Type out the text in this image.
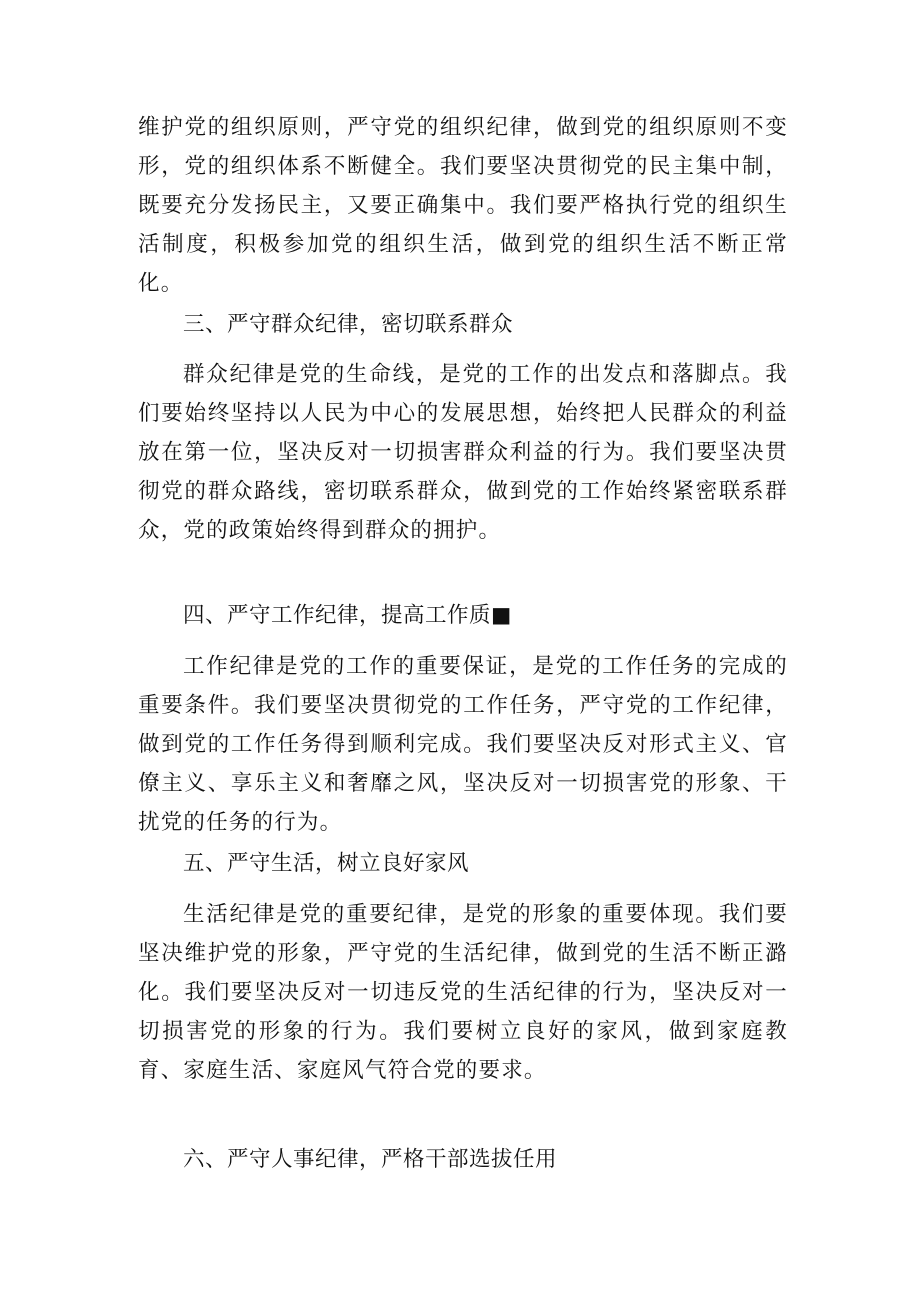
维护党的组织原则，严守党的组织纪律，做到党的组织原则不变形，党的组织体系不断健全。我们要坚决贯彻党的民主集中制，既要充分发扬民主，又要正确集中。我们要严格执行党的组织生活制度，积极参加党的组织生活，做到党的组织生活不断正常化。

三、严守群众纪律，密切联系群众

群众纪律是党的生命线，是党的工作的出发点和落脚点。我们要始终坚持以人民为中心的发展思想，始终把人民群众的利益放在第一位，坚决反对一切损害群众利益的行为。我们要坚决贯彻党的群众路线，密切联系群众，做到党的工作始终紧密联系群众，党的政策始终得到群众的拥护。

四、严守工作纪律，提高工作质■

工作纪律是党的工作的重要保证，是党的工作任务的完成的重要条件。我们要坚决贯彻党的工作任务，严守党的工作纪律，做到党的工作任务得到顺利完成。我们要坚决反对形式主义、官僚主义、享乐主义和奢靡之风，坚决反对一切损害党的形象、干扰党的任务的行为。

五、严守生活，树立良好家风

生活纪律是党的重要纪律，是党的形象的重要体现。我们要坚决维护党的形象，严守党的生活纪律，做到党的生活不断正潞化。我们要坚决反对一切违反党的生活纪律的行为，坚决反对一切损害党的形象的行为。我们要树立良好的家风，做到家庭教育、家庭生活、家庭风气符合党的要求。

六、严守人事纪律，严格干部选拔任用
